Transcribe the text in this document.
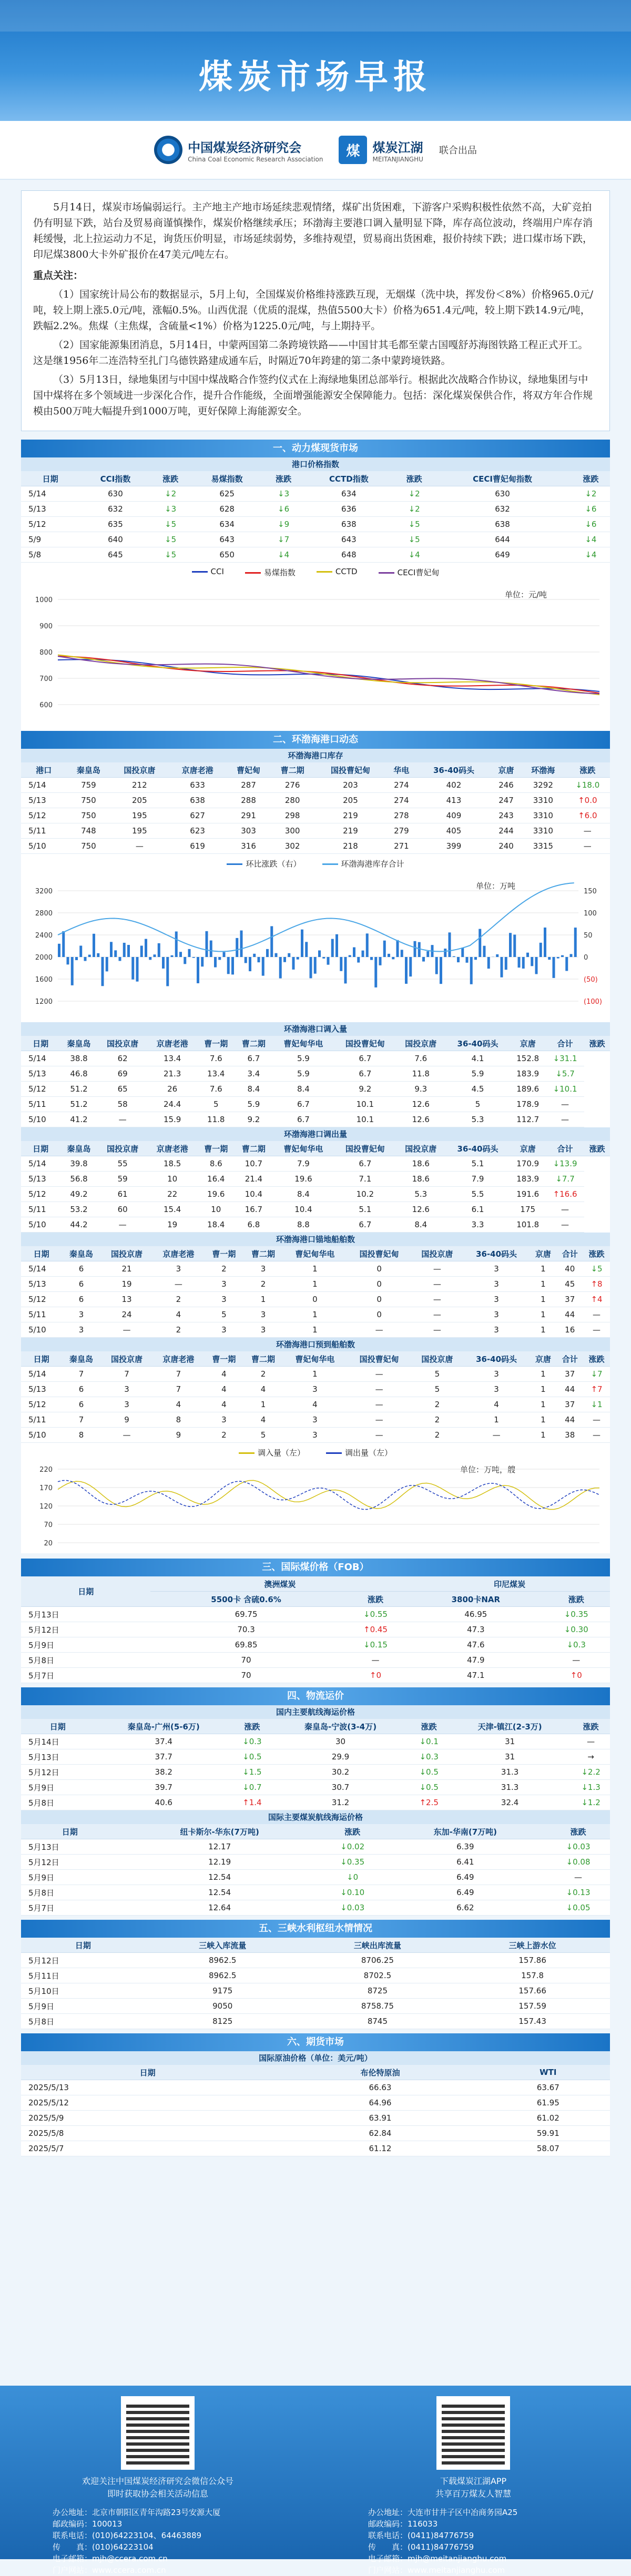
煤炭市场早报
中国煤炭经济研究会
China Coal Economic Research Association	煤	煤炭江湖
MEITANJIANGHU
联合出品

5月14日，煤炭市场偏弱运行。主产地主产地市场延续悲观情绪，煤矿出货困难，下游客户采购积极性依然不高，大矿竞拍仍有明显下跌，站台及贸易商谨慎操作，煤炭价格继续承压；环渤海主要港口调入量明显下降，库存高位波动，终端用户库存消耗缓慢，北上拉运动力不足，询货压价明显，市场延续弱势，多维持观望，贸易商出货困难，报价持续下跌；进口煤市场下跌，印尼煤3800大卡外矿报价在47美元/吨左右。

重点关注：

（1）国家统计局公布的数据显示，5月上旬，全国煤炭价格维持涨跌互现，无烟煤（洗中块，挥发份＜8%）价格965.0元/吨，较上期上涨5.0元/吨，涨幅0.5%。山西优混（优质的混煤，热值5500大卡）价格为651.4元/吨，较上期下跌14.9元/吨，跌幅2.2%。焦煤（主焦煤，含硫量<1%）价格为1225.0元/吨，与上期持平。

（2）国家能源集团消息，5月14日，中蒙两国第二条跨境铁路——中国甘其毛都至蒙古国嘎舒苏海图铁路工程正式开工。这是继1956年二连浩特至扎门乌德铁路建成通车后，时隔近70年跨建的第二条中蒙跨境铁路。

（3）5月13日，绿地集团与中国中煤战略合作签约仪式在上海绿地集团总部举行。根据此次战略合作协议，绿地集团与中国中煤将在多个领域进一步深化合作，提升合作能级，全面增强能源安全保障能力。包括：深化煤炭保供合作，将双方年合作规模由500万吨大幅提升到1000万吨，更好保障上海能源安全。

一、动力煤现货市场
港口价格指数
日期	CCI指数	涨跌	易煤指数	涨跌	CCTD指数	涨跌	CECI曹妃甸指数	涨跌
5/14	630	↓2	625	↓3	634	↓2	630	↓2
5/13	632	↓3	628	↓6	636	↓2	632	↓6
5/12	635	↓5	634	↓9	638	↓5	638	↓6
5/9	640	↓5	643	↓7	643	↓5	644	↓4
5/8	645	↓5	650	↓4	648	↓4	649	↓4
CCI	易煤指数	CCTD	CECI曹妃甸
单位：元/吨
1000
900
800
700
600
二、环渤海港口动态
环渤海港口库存
港口	秦皇岛	国投京唐	京唐老港	曹妃甸	曹二期	国投曹妃甸	华电	36-40码头	京唐	环渤海	涨跌
5/14	759	212	633	287	276	203	274	402	246	3292	↓18.0
5/13	750	205	638	288	280	205	274	413	247	3310	↑0.0
5/12	750	195	627	291	298	219	278	409	243	3310	↑6.0
5/11	748	195	623	303	300	219	279	405	244	3310	—
5/10	750	—	619	316	302	218	271	399	240	3315	—
环比涨跌（右）	环渤海港库存合计
单位：万吨
3200
2800
2400
2000
1600
1200
150
100
50
0
(50)
(100)
环渤海港口调入量
日期	秦皇岛	国投京唐	京唐老港	曹一期	曹二期	曹妃甸华电	国投曹妃甸	国投京唐	36-40码头	京唐	合计	涨跌
5/14	38.8	62	13.4	7.6	6.7	5.9	6.7	7.6	4.1	152.8	↓31.1	
5/13	46.8	69	21.3	13.4	3.4	5.9	6.7	11.8	5.9	183.9	↓5.7	
5/12	51.2	65	26	7.6	8.4	8.4	9.2	9.3	4.5	189.6	↓10.1	
5/11	51.2	58	24.4	5	5.9	6.7	10.1	12.6	5	178.9	—	
5/10	41.2	—	15.9	11.8	9.2	6.7	10.1	12.6	5.3	112.7	—	
环渤海港口调出量
日期	秦皇岛	国投京唐	京唐老港	曹一期	曹二期	曹妃甸华电	国投曹妃甸	国投京唐	36-40码头	京唐	合计	涨跌
5/14	39.8	55	18.5	8.6	10.7	7.9	6.7	18.6	5.1	170.9	↓13.9	
5/13	56.8	59	10	16.4	21.4	19.6	7.1	18.6	7.9	183.9	↓7.7	
5/12	49.2	61	22	19.6	10.4	8.4	10.2	5.3	5.5	191.6	↑16.6	
5/11	53.2	60	15.4	10	16.7	10.4	5.1	12.6	6.1	175	—	
5/10	44.2	—	19	18.4	6.8	8.8	6.7	8.4	3.3	101.8	—	
环渤海港口锚地船舶数
日期	秦皇岛	国投京唐	京唐老港	曹一期	曹二期	曹妃甸华电	国投曹妃甸	国投京唐	36-40码头	京唐	合计	涨跌
5/14	6	21	3	2	3	1	0	—	3	1	40	↓5
5/13	6	19	—	3	2	1	0	—	3	1	45	↑8
5/12	6	13	2	3	1	0	0	—	3	1	37	↑4
5/11	3	24	4	5	3	1	0	—	3	1	44	—
5/10	3	—	2	3	3	1	—	—	3	1	16	—
环渤海港口预到船舶数
日期	秦皇岛	国投京唐	京唐老港	曹一期	曹二期	曹妃甸华电	国投曹妃甸	国投京唐	36-40码头	京唐	合计	涨跌
5/14	7	7	7	4	2	1	—	5	3	1	37	↓7
5/13	6	3	7	4	4	3	—	5	3	1	44	↑7
5/12	6	3	4	4	1	4	—	2	4	1	37	↓1
5/11	7	9	8	3	4	3	—	2	1	1	44	—
5/10	8	—	9	2	5	3	—	2	—	1	38	—
调入量（左）	调出量（左）
单位：万吨，艘
220
170
120
70
20
三、国际煤价格（FOB）
日期	澳洲煤炭		印尼煤炭	
	5500卡 含硫0.6%	涨跌	3800卡NAR	涨跌
5月13日	69.75	↓0.55	46.95	↓0.35
5月12日	70.3	↑0.45	47.3	↓0.30
5月9日	69.85	↓0.15	47.6	↓0.3
5月8日	70	—	47.9	—
5月7日	70	↑0	47.1	↑0
四、物流运价
国内主要航线海运价格
日期	秦皇岛-广州(5-6万)	涨跌	秦皇岛-宁波(3-4万)	涨跌	天津-镇江(2-3万)	涨跌
5月14日	37.4	↓0.3	30	↓0.1	31	—
5月13日	37.7	↓0.5	29.9	↓0.3	31	→
5月12日	38.2	↓1.5	30.2	↓0.5	31.3	↓2.2
5月9日	39.7	↓0.7	30.7	↓0.5	31.3	↓1.3
5月8日	40.6	↑1.4	31.2	↑2.5	32.4	↓1.2
国际主要煤炭航线海运价格
日期	纽卡斯尔-华东(7万吨)	涨跌	东加-华南(7万吨)	涨跌
5月13日	12.17	↓0.02	6.39	↓0.03
5月12日	12.19	↓0.35	6.41	↓0.08
5月9日	12.54	↓0	6.49	—
5月8日	12.54	↓0.10	6.49	↓0.13
5月7日	12.64	↓0.03	6.62	↓0.05
五、三峡水利枢纽水情情况
日期	三峡入库流量	三峡出库流量	三峡上游水位
5月12日	8962.5	8706.25	157.86
5月11日	8962.5	8702.5	157.8
5月10日	9175	8725	157.66
5月9日	9050	8758.75	157.59
5月8日	8125	8745	157.43
六、期货市场
国际原油价格（单位：美元/吨）
日期	布伦特原油	WTI
2025/5/13	66.63	63.67
2025/5/12	64.96	61.95
2025/5/9	63.91	61.02
2025/5/8	62.84	59.91
2025/5/7	61.12	58.07
欢迎关注中国煤炭经济研究会微信公众号
即时获取协会相关活动信息
下载煤炭江湖APP
共享百万煤友人智慧
办公地址：北京市朝阳区青年沟路23号安源大厦
邮政编码：100013
联系电话：(010)64223104、64463889
传　　真：(010)64223104
电子邮箱：mjh@ccera.com.cn
门户网站：www.ccera.com.cn
办公地址：大连市甘井子区中冶商务园A25
邮政编码：116033
联系电话：(0411)84776759
传　　真：(0411)84776759
电子邮箱：mjh@meitanjianghu.com
门户网站：www.meitanjianghu.com
